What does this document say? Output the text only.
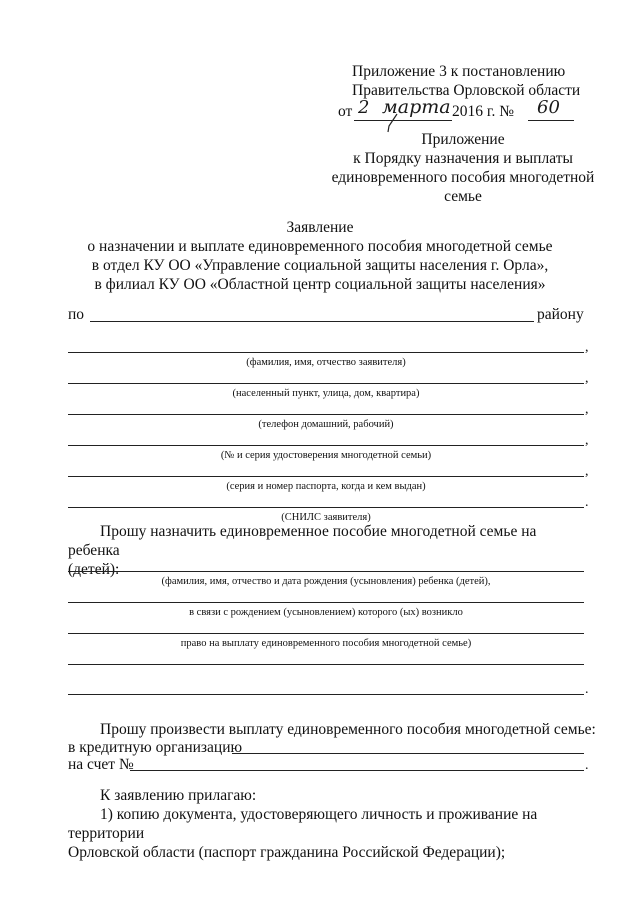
Приложение 3 к постановлению
Правительства Орловской области
от 2 марта 2016 г. № 60
Приложение
к Порядку назначения и выплаты
единовременного пособия многодетной
семье
Заявление
о назначении и выплате единовременного пособия многодетной семье
в отдел КУ ОО «Управление социальной защиты населения г. Орла»,
в филиал КУ ОО «Областной центр социальной защиты населения»
по	району
,
(фамилия, имя, отчество заявителя)
,
(населенный пункт, улица, дом, квартира)
,
(телефон домашний, рабочий)
,
(№ и серия удостоверения многодетной семьи)
,
(серия и номер паспорта, когда и кем выдан)
.
(СНИЛС заявителя)
Прошу назначить единовременное пособие многодетной семье на ребенка
(детей):
(фамилия, имя, отчество и дата рождения (усыновления) ребенка (детей),
в связи с рождением (усыновлением) которого (ых) возникло
право на выплату единовременного пособия многодетной семье)
.
Прошу произвести выплату единовременного пособия многодетной семье:
в кредитную организацию
на счет №	.
К заявлению прилагаю:
1) копию документа, удостоверяющего личность и проживание на территории
Орловской области (паспорт гражданина Российской Федерации);
